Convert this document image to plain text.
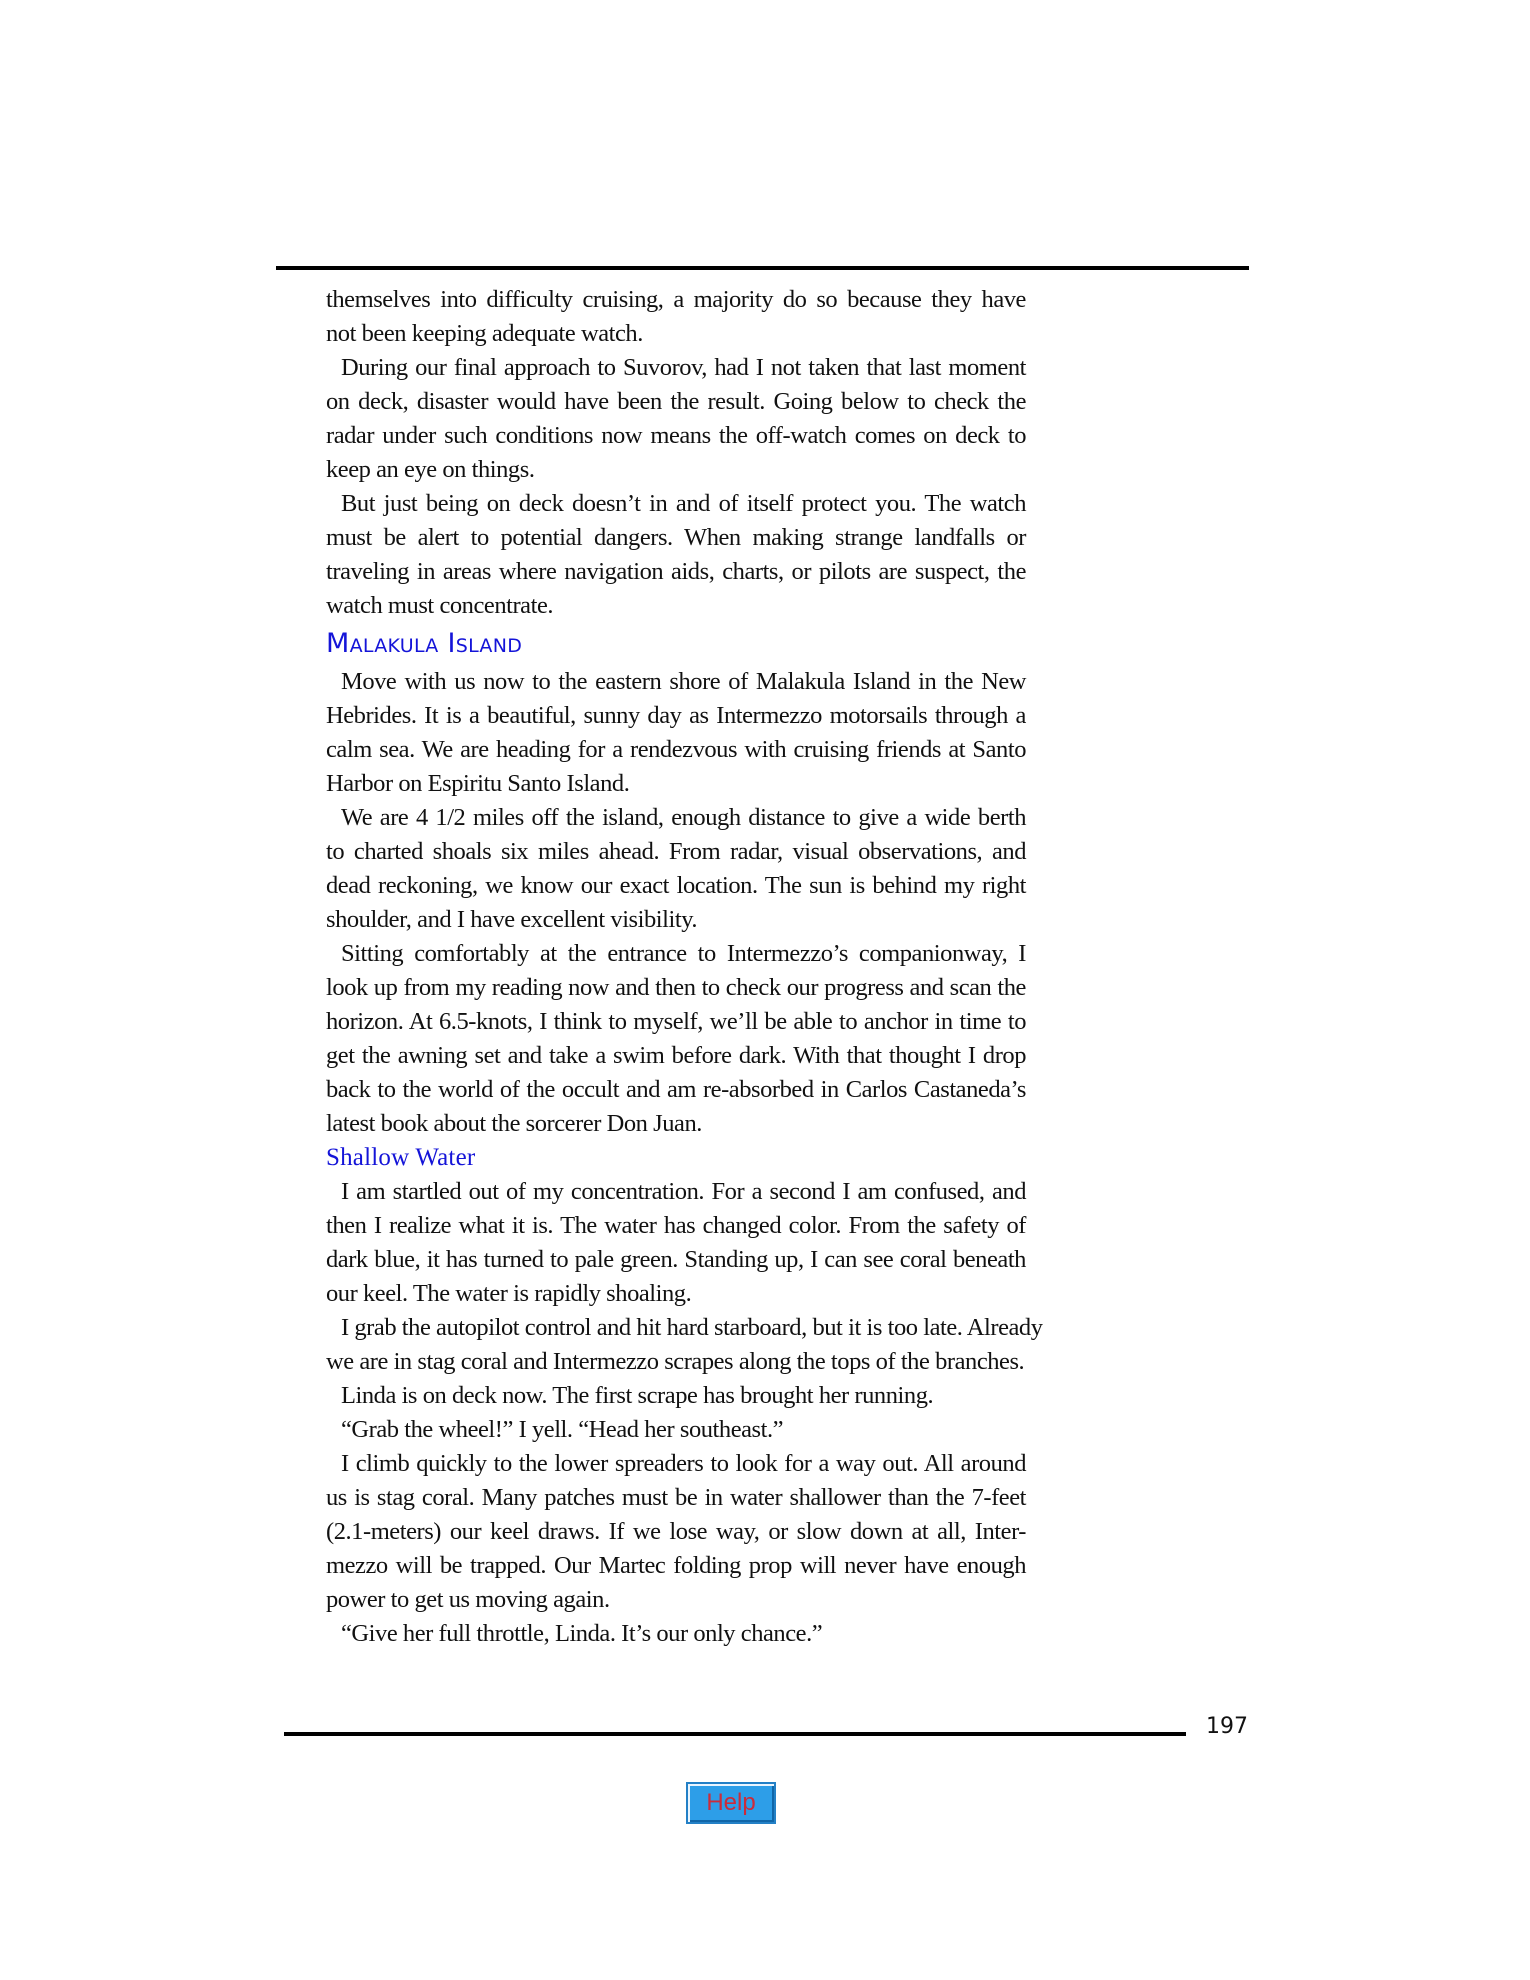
themselves into difficulty cruising, a majority do so because they have
not been keeping adequate watch.
During our final approach to Suvorov, had I not taken that last moment
on deck, disaster would have been the result. Going below to check the
radar under such conditions now means the off-watch comes on deck to
keep an eye on things.
But just being on deck doesn’t in and of itself protect you. The watch
must be alert to potential dangers. When making strange landfalls or
traveling in areas where navigation aids, charts, or pilots are suspect, the
watch must concentrate.
Malakula Island
Move with us now to the eastern shore of Malakula Island in the New
Hebrides. It is a beautiful, sunny day as Intermezzo motorsails through a
calm sea. We are heading for a rendezvous with cruising friends at Santo
Harbor on Espiritu Santo Island.
We are 4 1/2 miles off the island, enough distance to give a wide berth
to charted shoals six miles ahead. From radar, visual observations, and
dead reckoning, we know our exact location. The sun is behind my right
shoulder, and I have excellent visibility.
Sitting comfortably at the entrance to Intermezzo’s companionway, I
look up from my reading now and then to check our progress and scan the
horizon. At 6.5-knots, I think to myself, we’ll be able to anchor in time to
get the awning set and take a swim before dark. With that thought I drop
back to the world of the occult and am re-absorbed in Carlos Castaneda’s
latest book about the sorcerer Don Juan.
Shallow Water
I am startled out of my concentration. For a second I am confused, and
then I realize what it is. The water has changed color. From the safety of
dark blue, it has turned to pale green. Standing up, I can see coral beneath
our keel. The water is rapidly shoaling.
I grab the autopilot control and hit hard starboard, but it is too late. Already
we are in stag coral and Intermezzo scrapes along the tops of the branches.
Linda is on deck now. The first scrape has brought her running.
“Grab the wheel!” I yell. “Head her southeast.”
I climb quickly to the lower spreaders to look for a way out. All around
us is stag coral. Many patches must be in water shallower than the 7-feet
(2.1-meters) our keel draws. If we lose way, or slow down at all, Inter-
mezzo will be trapped. Our Martec folding prop will never have enough
power to get us moving again.
“Give her full throttle, Linda. It’s our only chance.”
197
Help
